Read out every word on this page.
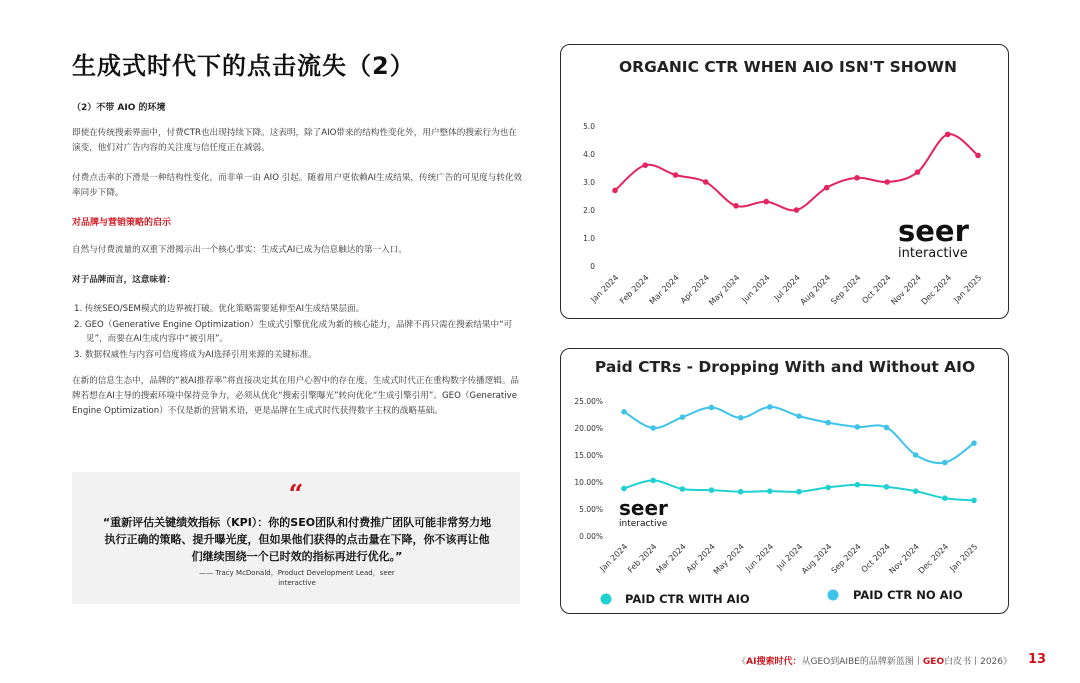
生成式时代下的点击流失（2）
（2）不带 AIO 的环境
即使在传统搜索界面中，付费CTR也出现持续下降。这表明，除了AIO带来的结构性变化外，用户整体的搜索行为也在演变，他们对广告内容的关注度与信任度正在减弱。
付费点击率的下滑是一种结构性变化，而非单一由 AIO 引起。随着用户更依赖AI生成结果，传统广告的可见度与转化效率同步下降。
对品牌与营销策略的启示
自然与付费流量的双重下滑揭示出一个核心事实：生成式AI已成为信息触达的第一入口。
对于品牌而言，这意味着：
1. 传统SEO/SEM模式的边界被打破。优化策略需要延伸至AI生成结果层面。
2. GEO（Generative Engine Optimization）生成式引擎优化成为新的核心能力，品牌不再只需在搜索结果中“可见”，而要在AI生成内容中“被引用”。
3. 数据权威性与内容可信度将成为AI选择引用来源的关键标准。
在新的信息生态中，品牌的“被AI推荐率”将直接决定其在用户心智中的存在度。生成式时代正在重构数字传播逻辑。品牌若想在AI主导的搜索环境中保持竞争力，必须从优化“搜索引擎曝光”转向优化“生成引擎引用”。GEO（Generative Engine Optimization）不仅是新的营销术语，更是品牌在生成式时代获得数字主权的战略基础。
“
“重新评估关键绩效指标（KPI）：你的SEO团队和付费推广团队可能非常努力地执行正确的策略、提升曝光度，但如果他们获得的点击量在下降，你不该再让他们继续围绕一个已时效的指标再进行优化。”
—— Tracy McDonald，Product Development Lead，seer interactive
ORGANIC CTR WHEN AIO ISN'T SHOWN
0
1.0
2.0
3.0
4.0
5.0
Jan 2024
Feb 2024
Mar 2024
Apr 2024
May 2024
Jun 2024 Jul 2024
Aug 2024
Sep 2024
Oct 2024
Nov 2024
Dec 2024
Jan 2025
seer
interactive
Paid CTRs - Dropping With and Without AIO
0.00%
5.00%
10.00%
15.00%
20.00%
25.00%
Jan 2024
Feb 2024
Mar 2024
Apr 2024
May 2024
Jun 2024 Jul 2024
Aug 2024
Sep 2024
Oct 2024
Nov 2024
Dec 2024
Jan 2025
seer
interactive
PAID CTR WITH AIO	PAID CTR NO AIO
《AI搜索时代：从GEO到AIBE的品牌新蓝图丨GEO白皮书丨2026》 13
